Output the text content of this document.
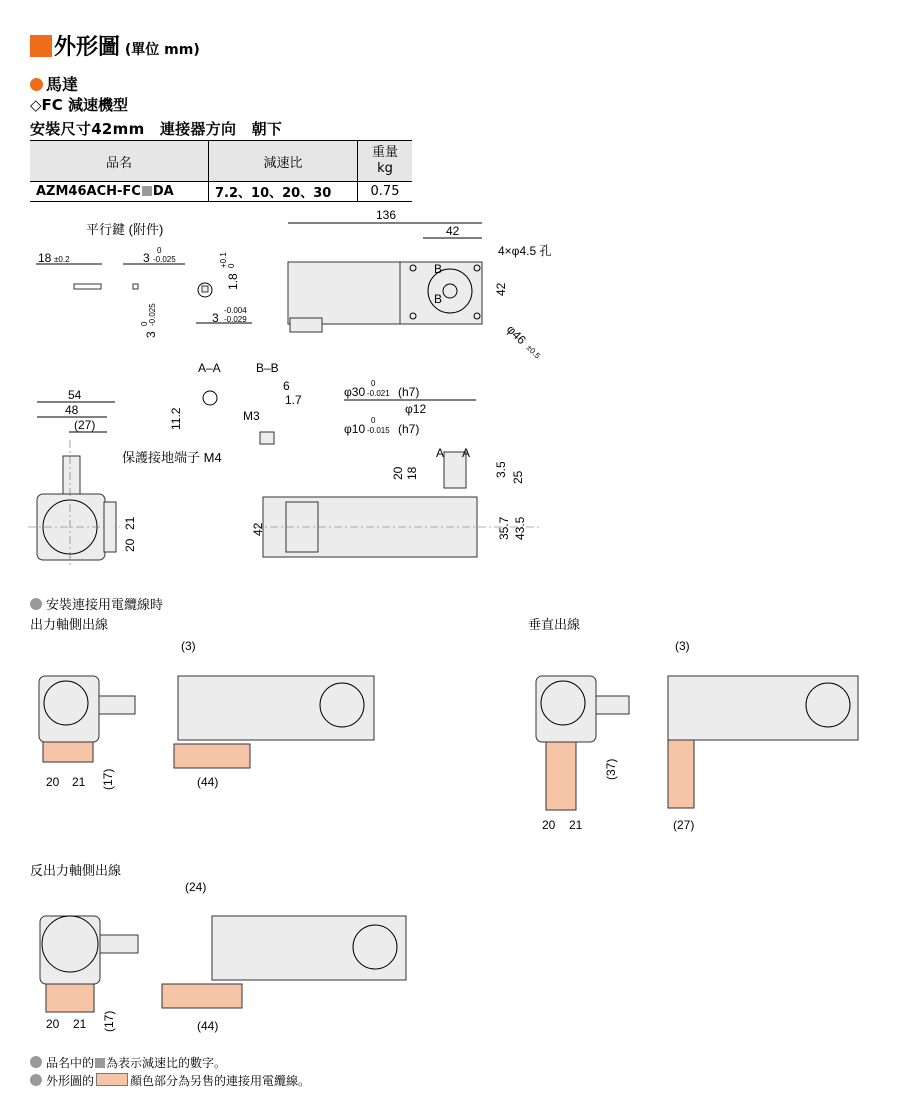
外形圖 (單位 mm)
馬達
◇FC 減速機型
安裝尺寸42mm　連接器方向　朝下
品名	減速比	重量
kg
AZM46ACH-FC DA	7.2、10、20、30	0.75
平行鍵 (附件)
18 ±0.2	3
0
-0.025
3
0 -0.025
1.8
+0.1 0
3
-0.004
-0.029
136
42
4×φ4.5 孔
B
B
42
φ46
±0.5
A–A	B–B
11.2
6
1.7
M3
54
48
(27)
保護接地端子 M4
21
20
φ30
0
-0.021 (h7)
φ12
φ10
0
-0.015 (h7)
A A
20 18	3.5 25
42	35.7 43.5
20 21 (17)
(3)
(44)
(37)
20 21
(3)
(27)
20 21 (17)
(24)
(44)
安裝連接用電纜線時
出力軸側出線	垂直出線
反出力軸側出線
品名中的 為表示減速比的數字。
外形圖的	顏色部分為另售的連接用電纜線。
